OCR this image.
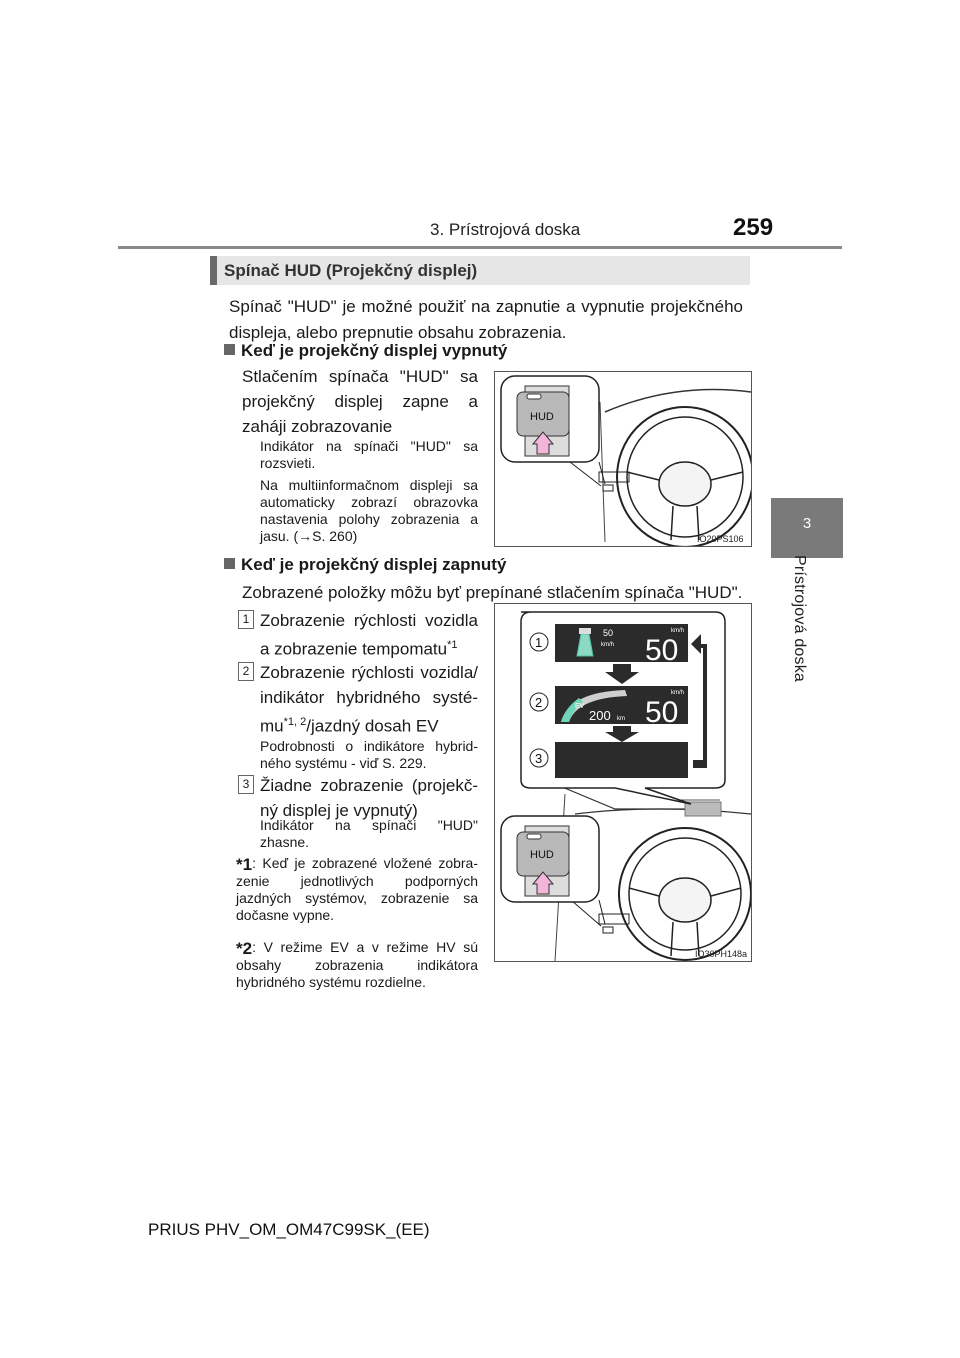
3. Prístrojová doska	259
3
Prístrojová doska
Spínač HUD (Projekčný displej)
Spínač "HUD" je možné použiť na zapnutie a vypnutie projekčného displeja, alebo prepnutie obsahu zobrazenia.
Keď je projekčný displej vypnutý
Stlačením spínača "HUD" sa projekčný displej zapne a zaháji zobrazovanie
Indikátor na spínači "HUD" sa rozsvieti.
Na multiinformačnom displeji sa automaticky zobrazí obrazovka nastavenia polohy zobrazenia a jasu. (→S. 260)
HUD
IO20PS106
Keď je projekčný displej zapnutý
Zobrazené položky môžu byť prepínané stlačením spínača "HUD".
1 Zobrazenie rýchlosti vozidla a zobrazenie tempomatu$^{*1}$
2 Zobrazenie rýchlosti vozidla/ indikátor hybridného systé-mu$^{*1, 2}$/jazdný dosah EV
Podrobnosti o indikátore hybrid-ného systému - viď S. 229.
3 Žiadne zobrazenie (projekč-ný displej je vypnutý)
Indikátor na spínači "HUD" zhasne.
*1: Keď je zobrazené vložené zobra-zenie jednotlivých podporných jazdných systémov, zobrazenie sa dočasne vypne.
*2: V režime EV a v režime HV sú obsahy zobrazenia indikátora hybridného systému rozdielne.
50
km/h
km/h
50
EV
200 km
km/h
50
1
2
3
HUD
IO30PH148a
PRIUS PHV_OM_OM47C99SK_(EE)
